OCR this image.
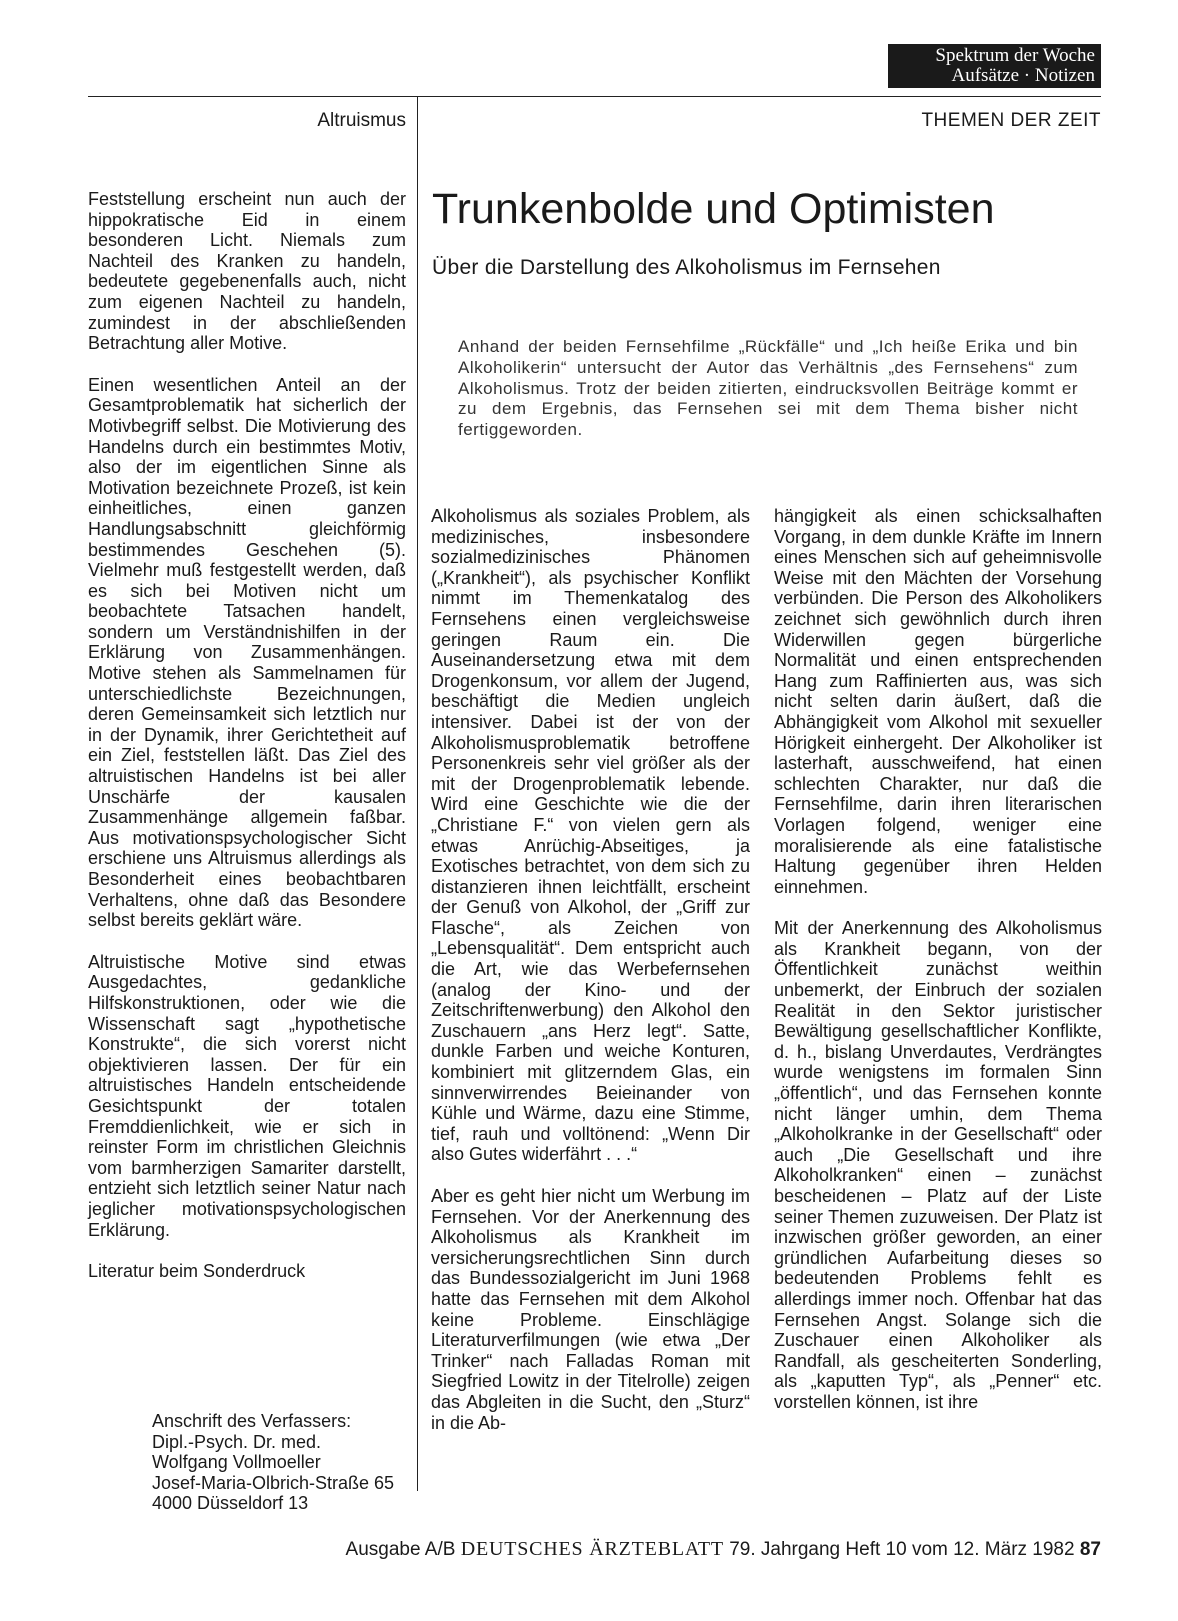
Spektrum der Woche
Aufsätze · Notizen
Altruismus	THEMEN DER ZEIT
Trunkenbolde und Optimisten
Über die Darstellung des Alkoholismus im Fernsehen
Anhand der beiden Fernsehfilme „Rückfälle“ und „Ich heiße Erika und bin Alkoholikerin“ untersucht der Autor das Verhältnis „des Fernsehens“ zum Alkoholismus. Trotz der beiden zitierten, eindrucksvollen Beiträge kommt er zu dem Ergebnis, das Fernsehen sei mit dem Thema bisher nicht fertiggeworden.

Feststellung erscheint nun auch der hippokratische Eid in einem besonderen Licht. Niemals zum Nachteil des Kranken zu handeln, bedeutete gegebenenfalls auch, nicht zum eigenen Nachteil zu handeln, zumindest in der abschließenden Betrachtung aller Motive.

Einen wesentlichen Anteil an der Gesamtproblematik hat sicherlich der Motivbegriff selbst. Die Motivierung des Handelns durch ein bestimmtes Motiv, also der im eigentlichen Sinne als Motivation bezeichnete Prozeß, ist kein einheitliches, einen ganzen Handlungsabschnitt gleichförmig bestimmendes Geschehen (5). Vielmehr muß festgestellt werden, daß es sich bei Motiven nicht um beobachtete Tatsachen handelt, sondern um Verständnishilfen in der Erklärung von Zusammenhängen. Motive stehen als Sammelnamen für unterschiedlichste Bezeichnungen, deren Gemeinsamkeit sich letztlich nur in der Dynamik, ihrer Gerichtetheit auf ein Ziel, feststellen läßt. Das Ziel des altruistischen Handelns ist bei aller Unschärfe der kausalen Zusammenhänge allgemein faßbar. Aus motivationspsychologischer Sicht erschiene uns Altruismus allerdings als Besonderheit eines beobachtbaren Verhaltens, ohne daß das Besondere selbst bereits geklärt wäre.

Altruistische Motive sind etwas Ausgedachtes, gedankliche Hilfskonstruktionen, oder wie die Wissenschaft sagt „hypothetische Konstrukte“, die sich vorerst nicht objektivieren lassen. Der für ein altruistisches Handeln entscheidende Gesichtspunkt der totalen Fremddienlichkeit, wie er sich in reinster Form im christlichen Gleichnis vom barmherzigen Samariter darstellt, entzieht sich letztlich seiner Natur nach jeglicher motivationspsychologischen Erklärung.

Literatur beim Sonderdruck

Anschrift des Verfassers:
Dipl.-Psych. Dr. med.
Wolfgang Vollmoeller
Josef-Maria-Olbrich-Straße 65
4000 Düsseldorf 13

Alkoholismus als soziales Problem, als medizinisches, insbesondere sozialmedizinisches Phänomen („Krankheit“), als psychischer Konflikt nimmt im Themenkatalog des Fernsehens einen vergleichsweise geringen Raum ein. Die Auseinandersetzung etwa mit dem Drogenkonsum, vor allem der Jugend, beschäftigt die Medien ungleich intensiver. Dabei ist der von der Alkoholismusproblematik betroffene Personenkreis sehr viel größer als der mit der Drogenproblematik lebende. Wird eine Geschichte wie die der „Christiane F.“ von vielen gern als etwas Anrüchig-Abseitiges, ja Exotisches betrachtet, von dem sich zu distanzieren ihnen leichtfällt, erscheint der Genuß von Alkohol, der „Griff zur Flasche“, als Zeichen von „Lebensqualität“. Dem entspricht auch die Art, wie das Werbefernsehen (analog der Kino- und der Zeitschriftenwerbung) den Alkohol den Zuschauern „ans Herz legt“. Satte, dunkle Farben und weiche Konturen, kombiniert mit glitzerndem Glas, ein sinnverwirrendes Beieinander von Kühle und Wärme, dazu eine Stimme, tief, rauh und volltönend: „Wenn Dir also Gutes widerfährt . . .“

Aber es geht hier nicht um Werbung im Fernsehen. Vor der Anerkennung des Alkoholismus als Krankheit im versicherungsrechtlichen Sinn durch das Bundessozialgericht im Juni 1968 hatte das Fernsehen mit dem Alkohol keine Probleme. Einschlägige Literaturverfilmungen (wie etwa „Der Trinker“ nach Falladas Roman mit Siegfried Lowitz in der Titelrolle) zeigen das Abgleiten in die Sucht, den „Sturz“ in die Ab-

hängigkeit als einen schicksalhaften Vorgang, in dem dunkle Kräfte im Innern eines Menschen sich auf geheimnisvolle Weise mit den Mächten der Vorsehung verbünden. Die Person des Alkoholikers zeichnet sich gewöhnlich durch ihren Widerwillen gegen bürgerliche Normalität und einen entsprechenden Hang zum Raffinierten aus, was sich nicht selten darin äußert, daß die Abhängigkeit vom Alkohol mit sexueller Hörigkeit einhergeht. Der Alkoholiker ist lasterhaft, ausschweifend, hat einen schlechten Charakter, nur daß die Fernsehfilme, darin ihren literarischen Vorlagen folgend, weniger eine moralisierende als eine fatalistische Haltung gegenüber ihren Helden einnehmen.

Mit der Anerkennung des Alkoholismus als Krankheit begann, von der Öffentlichkeit zunächst weithin unbemerkt, der Einbruch der sozialen Realität in den Sektor juristischer Bewältigung gesellschaftlicher Konflikte, d. h., bislang Unverdautes, Verdrängtes wurde wenigstens im formalen Sinn „öffentlich“, und das Fernsehen konnte nicht länger umhin, dem Thema „Alkoholkranke in der Gesellschaft“ oder auch „Die Gesellschaft und ihre Alkoholkranken“ einen – zunächst bescheidenen – Platz auf der Liste seiner Themen zuzuweisen. Der Platz ist inzwischen größer geworden, an einer gründlichen Aufarbeitung dieses so bedeutenden Problems fehlt es allerdings immer noch. Offenbar hat das Fernsehen Angst. Solange sich die Zuschauer einen Alkoholiker als Randfall, als gescheiterten Sonderling, als „kaputten Typ“, als „Penner“ etc. vorstellen können, ist ihre

Ausgabe A/B DEUTSCHES ÄRZTEBLATT 79. Jahrgang Heft 10 vom 12. März 1982 87
